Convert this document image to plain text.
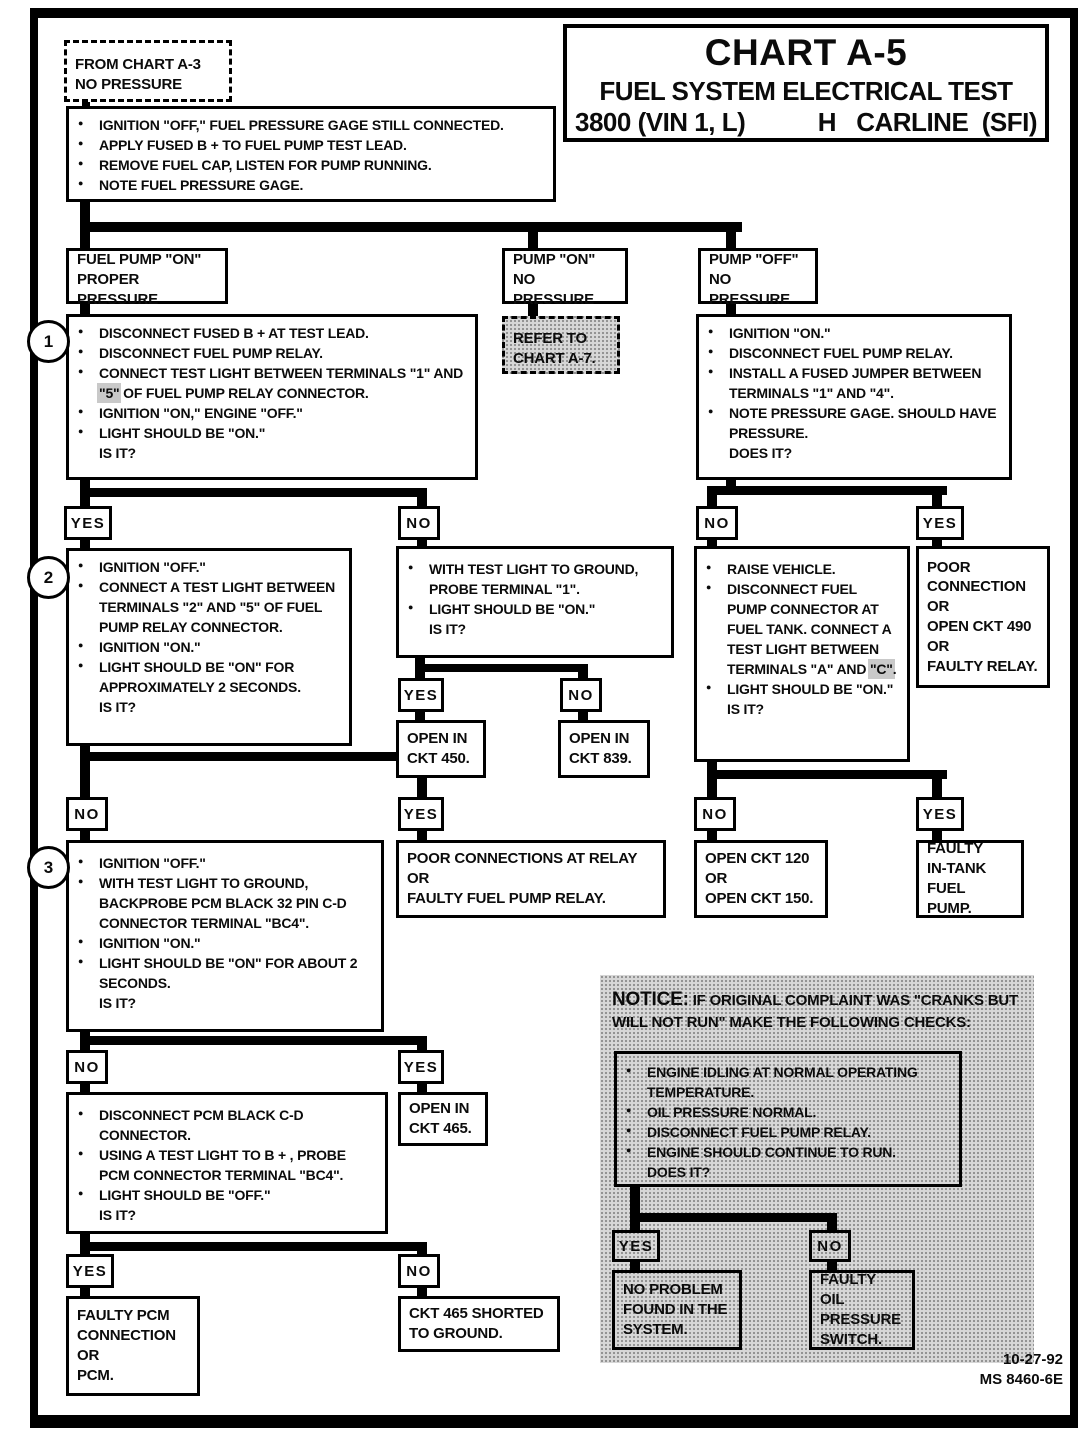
CHART A-5
FUEL SYSTEM ELECTRICAL TEST
3800 (VIN 1, L)	H   CARLINE  (SFI)
FROM CHART A-3
NO PRESSURE
● IGNITION "OFF," FUEL PRESSURE GAGE STILL CONNECTED.
● APPLY FUSED B + TO FUEL PUMP TEST LEAD.
● REMOVE FUEL CAP, LISTEN FOR PUMP RUNNING.
● NOTE FUEL PRESSURE GAGE.
FUEL PUMP "ON"
PROPER PRESSURE
PUMP "ON"
NO PRESSURE
PUMP "OFF"
NO PRESSURE
REFER TO
CHART A-7.
1	● DISCONNECT FUSED B + AT TEST LEAD.
● DISCONNECT FUEL PUMP RELAY.
● CONNECT TEST LIGHT BETWEEN TERMINALS "1" AND "5" OF FUEL PUMP RELAY CONNECTOR.
● IGNITION "ON," ENGINE "OFF."
● LIGHT SHOULD BE "ON."
IS IT?
● IGNITION "ON."
● DISCONNECT FUEL PUMP RELAY.
● INSTALL A FUSED JUMPER BETWEEN TERMINALS "1" AND "4".
● NOTE PRESSURE GAGE. SHOULD HAVE PRESSURE.
DOES IT?
YES	NO	NO	YES
2
● IGNITION "OFF."
● CONNECT A TEST LIGHT BETWEEN TERMINALS "2" AND "5" OF FUEL PUMP RELAY CONNECTOR.
● IGNITION "ON."
● LIGHT SHOULD BE "ON" FOR APPROXIMATELY 2 SECONDS.
IS IT?
● WITH TEST LIGHT TO GROUND, PROBE TERMINAL "1".
● LIGHT SHOULD BE "ON."
IS IT?
● RAISE VEHICLE.
● DISCONNECT FUEL PUMP CONNECTOR AT FUEL TANK. CONNECT A TEST LIGHT BETWEEN TERMINALS "A" AND "C".
● LIGHT SHOULD BE "ON."
IS IT?
POOR
CONNECTION
OR
OPEN CKT 490
OR
FAULTY RELAY.
YES	NO
OPEN IN
CKT 450.
OPEN IN
CKT 839.
NO	YES	NO	YES
OPEN CKT 120
OR
OPEN CKT 150.
FAULTY
IN-TANK
FUEL PUMP.
3	● IGNITION "OFF."
● WITH TEST LIGHT TO GROUND, BACKPROBE PCM BLACK 32 PIN C-D CONNECTOR TERMINAL "BC4".
● IGNITION "ON."
● LIGHT SHOULD BE "ON" FOR ABOUT 2 SECONDS.
IS IT?
POOR CONNECTIONS AT RELAY
OR
FAULTY FUEL PUMP RELAY.
NO	YES
● DISCONNECT PCM BLACK C-D CONNECTOR.
● USING A TEST LIGHT TO B + , PROBE PCM CONNECTOR TERMINAL "BC4".
● LIGHT SHOULD BE "OFF."
IS IT?
OPEN IN
CKT 465.
YES	NO
FAULTY PCM
CONNECTION
OR
PCM.
CKT 465 SHORTED
TO GROUND.
NOTICE: IF ORIGINAL COMPLAINT WAS "CRANKS BUT WILL NOT RUN" MAKE THE FOLLOWING CHECKS:
● ENGINE IDLING AT NORMAL OPERATING TEMPERATURE.
● OIL PRESSURE NORMAL.
● DISCONNECT FUEL PUMP RELAY.
● ENGINE SHOULD CONTINUE TO RUN.
DOES IT?
YES	NO
NO PROBLEM
FOUND IN THE
SYSTEM.
FAULTY OIL
PRESSURE
SWITCH.
10-27-92
MS 8460-6E
